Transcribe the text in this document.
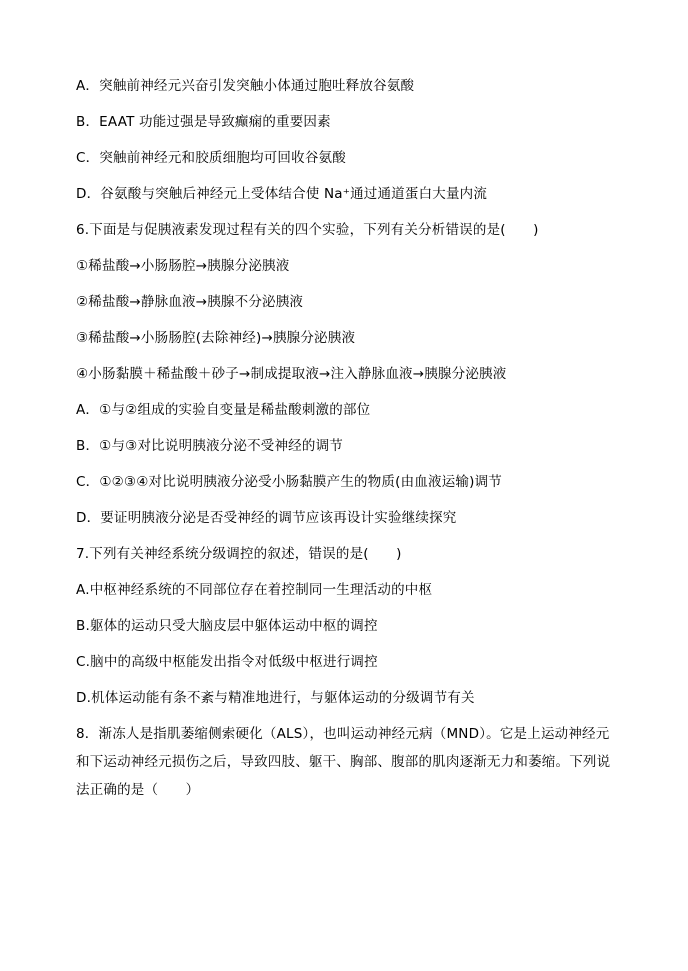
A．突触前神经元兴奋引发突触小体通过胞吐释放谷氨酸
B．EAAT 功能过强是导致癫痫的重要因素
C．突触前神经元和胶质细胞均可回收谷氨酸
D．谷氨酸与突触后神经元上受体结合使 Na⁺通过通道蛋白大量内流
6.下面是与促胰液素发现过程有关的四个实验，下列有关分析错误的是(　　)
①稀盐酸→小肠肠腔→胰腺分泌胰液
②稀盐酸→静脉血液→胰腺不分泌胰液
③稀盐酸→小肠肠腔(去除神经)→胰腺分泌胰液
④小肠黏膜＋稀盐酸＋砂子→制成提取液→注入静脉血液→胰腺分泌胰液
A．①与②组成的实验自变量是稀盐酸刺激的部位
B．①与③对比说明胰液分泌不受神经的调节
C．①②③④对比说明胰液分泌受小肠黏膜产生的物质(由血液运输)调节
D．要证明胰液分泌是否受神经的调节应该再设计实验继续探究
7.下列有关神经系统分级调控的叙述，错误的是(　　)
A.中枢神经系统的不同部位存在着控制同一生理活动的中枢
B.躯体的运动只受大脑皮层中躯体运动中枢的调控
C.脑中的高级中枢能发出指令对低级中枢进行调控
D.机体运动能有条不紊与精准地进行，与躯体运动的分级调节有关
8．渐冻人是指肌萎缩侧索硬化（ALS），也叫运动神经元病（MND）。它是上运动神经元和下运动神经元损伤之后，导致四肢、躯干、胸部、腹部的肌肉逐渐无力和萎缩。下列说法正确的是（　　）
